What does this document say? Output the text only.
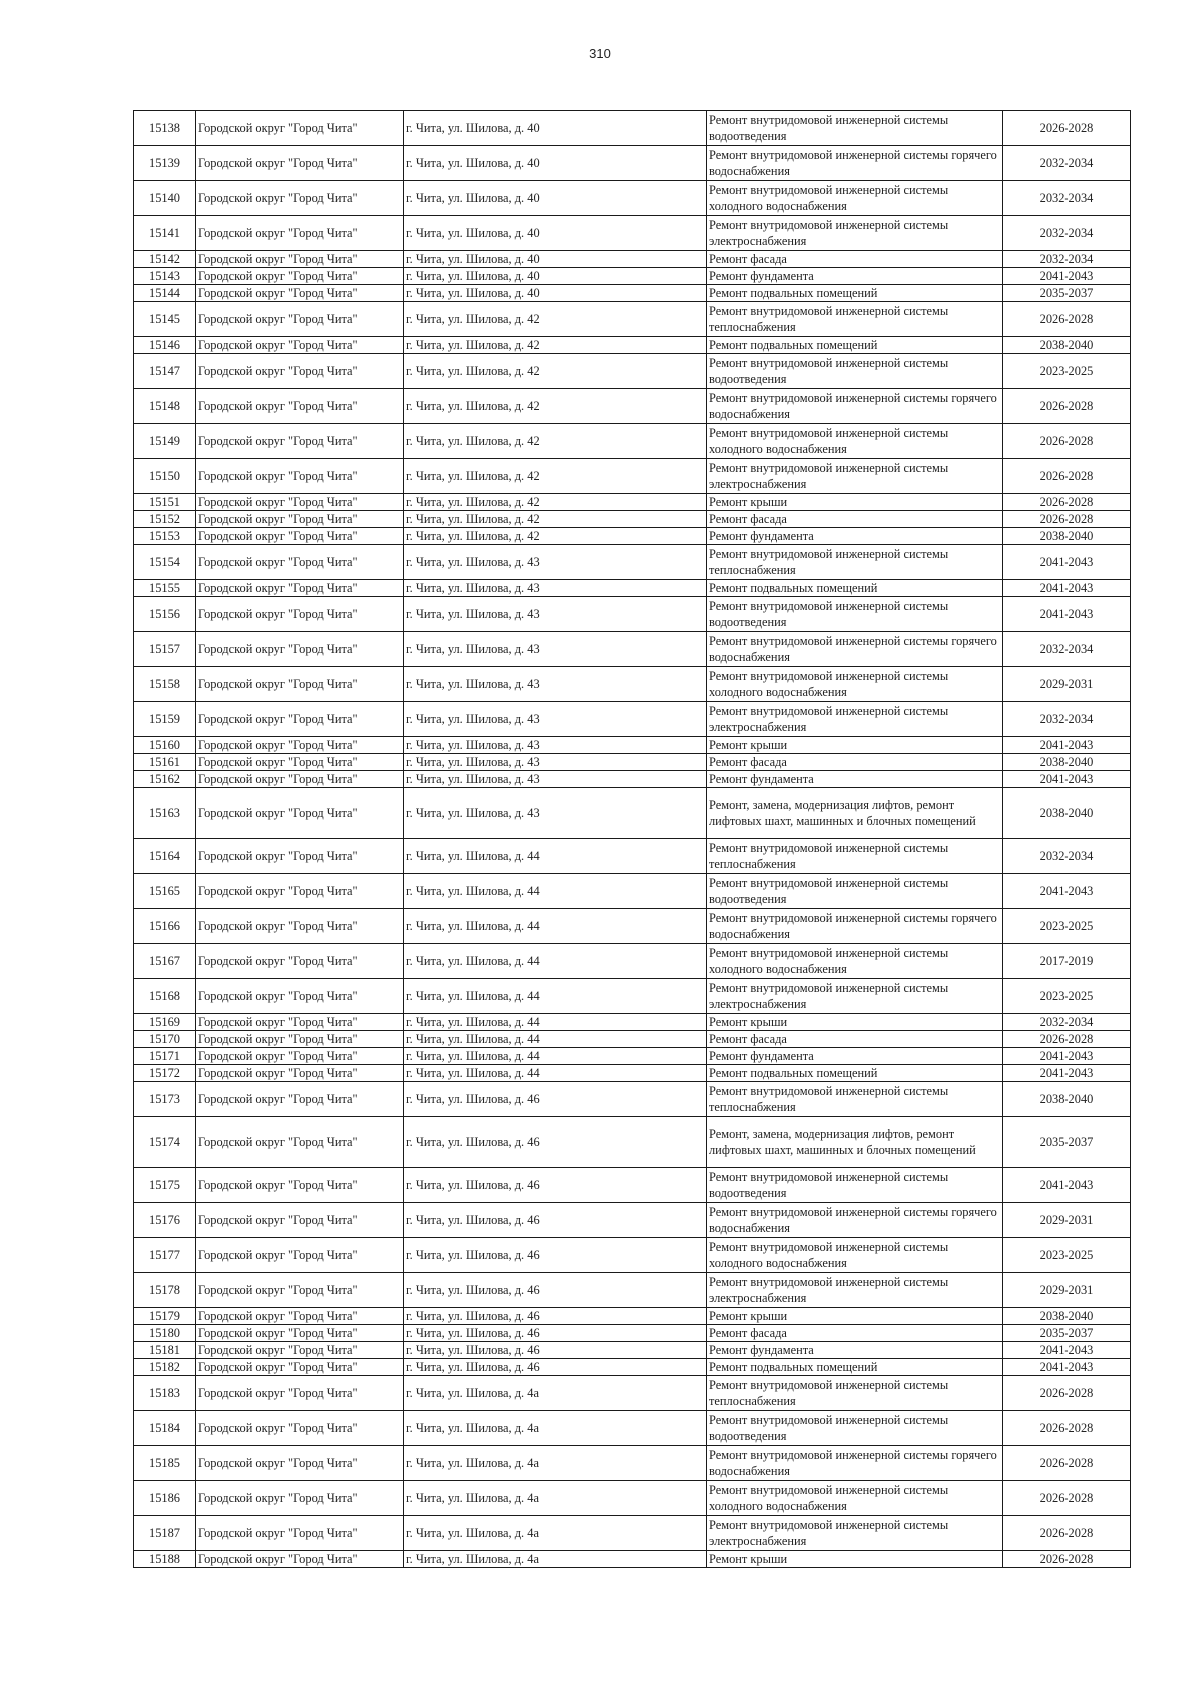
310
15138	Городской округ "Город Чита"	г. Чита, ул. Шилова, д. 40	Ремонт внутридомовой инженерной системы водоотведения	2026-2028
15139	Городской округ "Город Чита"	г. Чита, ул. Шилова, д. 40	Ремонт внутридомовой инженерной системы горячего водоснабжения	2032-2034
15140	Городской округ "Город Чита"	г. Чита, ул. Шилова, д. 40	Ремонт внутридомовой инженерной системы холодного водоснабжения	2032-2034
15141	Городской округ "Город Чита"	г. Чита, ул. Шилова, д. 40	Ремонт внутридомовой инженерной системы электроснабжения	2032-2034
15142	Городской округ "Город Чита"	г. Чита, ул. Шилова, д. 40	Ремонт фасада	2032-2034
15143	Городской округ "Город Чита"	г. Чита, ул. Шилова, д. 40	Ремонт фундамента	2041-2043
15144	Городской округ "Город Чита"	г. Чита, ул. Шилова, д. 40	Ремонт подвальных помещений	2035-2037
15145	Городской округ "Город Чита"	г. Чита, ул. Шилова, д. 42	Ремонт внутридомовой инженерной системы теплоснабжения	2026-2028
15146	Городской округ "Город Чита"	г. Чита, ул. Шилова, д. 42	Ремонт подвальных помещений	2038-2040
15147	Городской округ "Город Чита"	г. Чита, ул. Шилова, д. 42	Ремонт внутридомовой инженерной системы водоотведения	2023-2025
15148	Городской округ "Город Чита"	г. Чита, ул. Шилова, д. 42	Ремонт внутридомовой инженерной системы горячего водоснабжения	2026-2028
15149	Городской округ "Город Чита"	г. Чита, ул. Шилова, д. 42	Ремонт внутридомовой инженерной системы холодного водоснабжения	2026-2028
15150	Городской округ "Город Чита"	г. Чита, ул. Шилова, д. 42	Ремонт внутридомовой инженерной системы электроснабжения	2026-2028
15151	Городской округ "Город Чита"	г. Чита, ул. Шилова, д. 42	Ремонт крыши	2026-2028
15152	Городской округ "Город Чита"	г. Чита, ул. Шилова, д. 42	Ремонт фасада	2026-2028
15153	Городской округ "Город Чита"	г. Чита, ул. Шилова, д. 42	Ремонт фундамента	2038-2040
15154	Городской округ "Город Чита"	г. Чита, ул. Шилова, д. 43	Ремонт внутридомовой инженерной системы теплоснабжения	2041-2043
15155	Городской округ "Город Чита"	г. Чита, ул. Шилова, д. 43	Ремонт подвальных помещений	2041-2043
15156	Городской округ "Город Чита"	г. Чита, ул. Шилова, д. 43	Ремонт внутридомовой инженерной системы водоотведения	2041-2043
15157	Городской округ "Город Чита"	г. Чита, ул. Шилова, д. 43	Ремонт внутридомовой инженерной системы горячего водоснабжения	2032-2034
15158	Городской округ "Город Чита"	г. Чита, ул. Шилова, д. 43	Ремонт внутридомовой инженерной системы холодного водоснабжения	2029-2031
15159	Городской округ "Город Чита"	г. Чита, ул. Шилова, д. 43	Ремонт внутридомовой инженерной системы электроснабжения	2032-2034
15160	Городской округ "Город Чита"	г. Чита, ул. Шилова, д. 43	Ремонт крыши	2041-2043
15161	Городской округ "Город Чита"	г. Чита, ул. Шилова, д. 43	Ремонт фасада	2038-2040
15162	Городской округ "Город Чита"	г. Чита, ул. Шилова, д. 43	Ремонт фундамента	2041-2043
15163	Городской округ "Город Чита"	г. Чита, ул. Шилова, д. 43	Ремонт, замена, модернизация лифтов, ремонт лифтовых шахт, машинных и блочных помещений	2038-2040
15164	Городской округ "Город Чита"	г. Чита, ул. Шилова, д. 44	Ремонт внутридомовой инженерной системы теплоснабжения	2032-2034
15165	Городской округ "Город Чита"	г. Чита, ул. Шилова, д. 44	Ремонт внутридомовой инженерной системы водоотведения	2041-2043
15166	Городской округ "Город Чита"	г. Чита, ул. Шилова, д. 44	Ремонт внутридомовой инженерной системы горячего водоснабжения	2023-2025
15167	Городской округ "Город Чита"	г. Чита, ул. Шилова, д. 44	Ремонт внутридомовой инженерной системы холодного водоснабжения	2017-2019
15168	Городской округ "Город Чита"	г. Чита, ул. Шилова, д. 44	Ремонт внутридомовой инженерной системы электроснабжения	2023-2025
15169	Городской округ "Город Чита"	г. Чита, ул. Шилова, д. 44	Ремонт крыши	2032-2034
15170	Городской округ "Город Чита"	г. Чита, ул. Шилова, д. 44	Ремонт фасада	2026-2028
15171	Городской округ "Город Чита"	г. Чита, ул. Шилова, д. 44	Ремонт фундамента	2041-2043
15172	Городской округ "Город Чита"	г. Чита, ул. Шилова, д. 44	Ремонт подвальных помещений	2041-2043
15173	Городской округ "Город Чита"	г. Чита, ул. Шилова, д. 46	Ремонт внутридомовой инженерной системы теплоснабжения	2038-2040
15174	Городской округ "Город Чита"	г. Чита, ул. Шилова, д. 46	Ремонт, замена, модернизация лифтов, ремонт лифтовых шахт, машинных и блочных помещений	2035-2037
15175	Городской округ "Город Чита"	г. Чита, ул. Шилова, д. 46	Ремонт внутридомовой инженерной системы водоотведения	2041-2043
15176	Городской округ "Город Чита"	г. Чита, ул. Шилова, д. 46	Ремонт внутридомовой инженерной системы горячего водоснабжения	2029-2031
15177	Городской округ "Город Чита"	г. Чита, ул. Шилова, д. 46	Ремонт внутридомовой инженерной системы холодного водоснабжения	2023-2025
15178	Городской округ "Город Чита"	г. Чита, ул. Шилова, д. 46	Ремонт внутридомовой инженерной системы электроснабжения	2029-2031
15179	Городской округ "Город Чита"	г. Чита, ул. Шилова, д. 46	Ремонт крыши	2038-2040
15180	Городской округ "Город Чита"	г. Чита, ул. Шилова, д. 46	Ремонт фасада	2035-2037
15181	Городской округ "Город Чита"	г. Чита, ул. Шилова, д. 46	Ремонт фундамента	2041-2043
15182	Городской округ "Город Чита"	г. Чита, ул. Шилова, д. 46	Ремонт подвальных помещений	2041-2043
15183	Городской округ "Город Чита"	г. Чита, ул. Шилова, д. 4а	Ремонт внутридомовой инженерной системы теплоснабжения	2026-2028
15184	Городской округ "Город Чита"	г. Чита, ул. Шилова, д. 4а	Ремонт внутридомовой инженерной системы водоотведения	2026-2028
15185	Городской округ "Город Чита"	г. Чита, ул. Шилова, д. 4а	Ремонт внутридомовой инженерной системы горячего водоснабжения	2026-2028
15186	Городской округ "Город Чита"	г. Чита, ул. Шилова, д. 4а	Ремонт внутридомовой инженерной системы холодного водоснабжения	2026-2028
15187	Городской округ "Город Чита"	г. Чита, ул. Шилова, д. 4а	Ремонт внутридомовой инженерной системы электроснабжения	2026-2028
15188	Городской округ "Город Чита"	г. Чита, ул. Шилова, д. 4а	Ремонт крыши	2026-2028
